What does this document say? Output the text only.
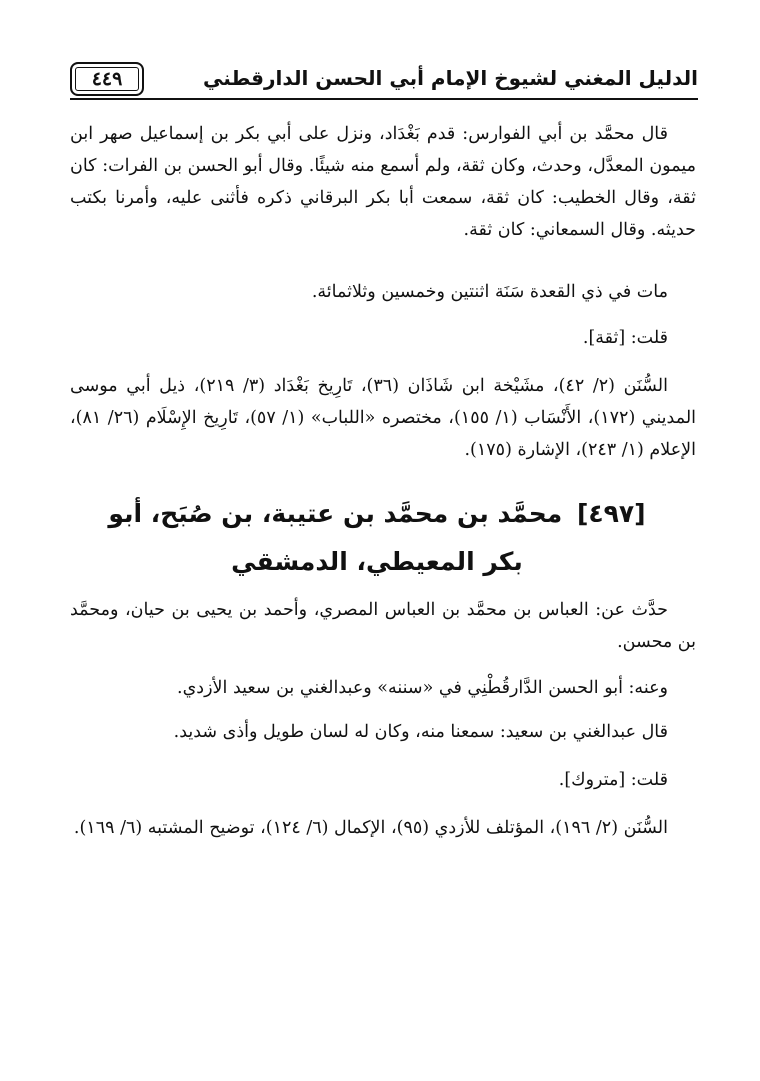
الدليل المغني لشيوخ الإمام أبي الحسن الدارقطني
٤٤٩

قال محمَّد بن أبي الفوارس: قدم بَغْدَاد، ونزل على أبي بكر بن إسماعيل صهر ابن ميمون المعدَّل، وحدث، وكان ثقة، ولم أسمع منه شيئًا. وقال أبو الحسن بن الفرات: كان ثقة، وقال الخطيب: كان ثقة، سمعت أبا بكر البرقاني ذكره فأثنى عليه، وأمرنا بكتب حديثه. وقال السمعاني: كان ثقة.

مات في ذي القعدة سَنَة اثنتين وخمسين وثلاثمائة.

قلت: [ثقة].

السُّنَن (٢/ ٤٢)، مشَيْخة ابن شَاذَان (٣٦)، تَارِيخ بَغْدَاد (٣/ ٢١٩)، ذيل أبي موسى المديني (١٧٢)، الأَنْسَاب (١/ ١٥٥)، مختصره «اللباب» (١/ ٥٧)، تَارِيخ الإِسْلَام (٢٦/ ٨١)، الإعلام (١/ ٢٤٣)، الإشارة (١٧٥).

[٤٩٧] محمَّد بن محمَّد بن عتيبة، بن صُبَح، أبو بكر المعيطي، الدمشقي

حدَّث عن: العباس بن محمَّد بن العباس المصري، وأحمد بن يحيى بن حيان، ومحمَّد بن محسن.

وعنه: أبو الحسن الدَّارقُطْنِي في «سننه» وعبدالغني بن سعيد الأزدي.

قال عبدالغني بن سعيد: سمعنا منه، وكان له لسان طويل وأذى شديد.

قلت: [متروك].

السُّنَن (٢/ ١٩٦)، المؤتلف للأزدي (٩٥)، الإكمال (٦/ ١٢٤)، توضيح المشتبه (٦/ ١٦٩).
